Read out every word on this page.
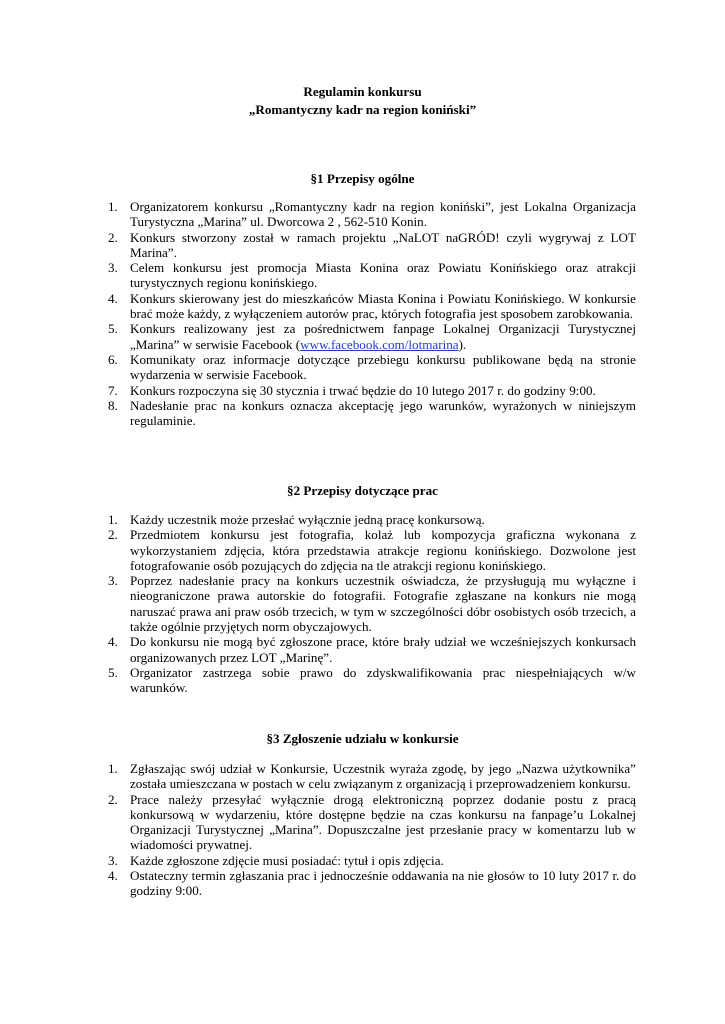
Regulamin konkursu
„Romantyczny kadr na region koniński”
§1 Przepisy ogólne
1. Organizatorem konkursu „Romantyczny kadr na region koniński”, jest Lokalna Organizacja Turystyczna „Marina” ul. Dworcowa 2 , 562-510 Konin.
2. Konkurs stworzony został w ramach projektu „NaLOT naGRÓD! czyli wygrywaj z LOT Marina”.
3. Celem konkursu jest promocja Miasta Konina oraz Powiatu Konińskiego oraz atrakcji turystycznych regionu konińskiego.
4. Konkurs skierowany jest do mieszkańców Miasta Konina i Powiatu Konińskiego. W konkursie brać może każdy, z wyłączeniem autorów prac, których fotografia jest sposobem zarobkowania.
5. Konkurs realizowany jest za pośrednictwem fanpage Lokalnej Organizacji Turystycznej „Marina” w serwisie Facebook (www.facebook.com/lotmarina).
6. Komunikaty oraz informacje dotyczące przebiegu konkursu publikowane będą na stronie wydarzenia w serwisie Facebook.
7. Konkurs rozpoczyna się 30 stycznia i trwać będzie do 10 lutego 2017 r. do godziny 9:00.
8. Nadesłanie prac na konkurs oznacza akceptację jego warunków, wyrażonych w niniejszym regulaminie.
§2 Przepisy dotyczące prac
1. Każdy uczestnik może przesłać wyłącznie jedną pracę konkursową.
2. Przedmiotem konkursu jest fotografia, kolaż lub kompozycja graficzna wykonana z wykorzystaniem zdjęcia, która przedstawia atrakcje regionu konińskiego. Dozwolone jest fotografowanie osób pozujących do zdjęcia na tle atrakcji regionu konińskiego.
3. Poprzez nadesłanie pracy na konkurs uczestnik oświadcza, że przysługują mu wyłączne i nieograniczone prawa autorskie do fotografii. Fotografie zgłaszane na konkurs nie mogą naruszać prawa ani praw osób trzecich, w tym w szczególności dóbr osobistych osób trzecich, a także ogólnie przyjętych norm obyczajowych.
4. Do konkursu nie mogą być zgłoszone prace, które brały udział we wcześniejszych konkursach organizowanych przez LOT „Marinę”.
5. Organizator zastrzega sobie prawo do zdyskwalifikowania prac niespełniających w/w warunków.
§3 Zgłoszenie udziału w konkursie
1. Zgłaszając swój udział w Konkursie, Uczestnik wyraża zgodę, by jego „Nazwa użytkownika” została umieszczana w postach w celu związanym z organizacją i przeprowadzeniem konkursu.
2. Prace należy przesyłać wyłącznie drogą elektroniczną poprzez dodanie postu z pracą konkursową w wydarzeniu, które dostępne będzie na czas konkursu na fanpage’u Lokalnej Organizacji Turystycznej „Marina”. Dopuszczalne jest przesłanie pracy w komentarzu lub w wiadomości prywatnej.
3. Każde zgłoszone zdjęcie musi posiadać: tytuł i opis zdjęcia.
4. Ostateczny termin zgłaszania prac i jednocześnie oddawania na nie głosów to 10 luty 2017 r. do godziny 9:00.
